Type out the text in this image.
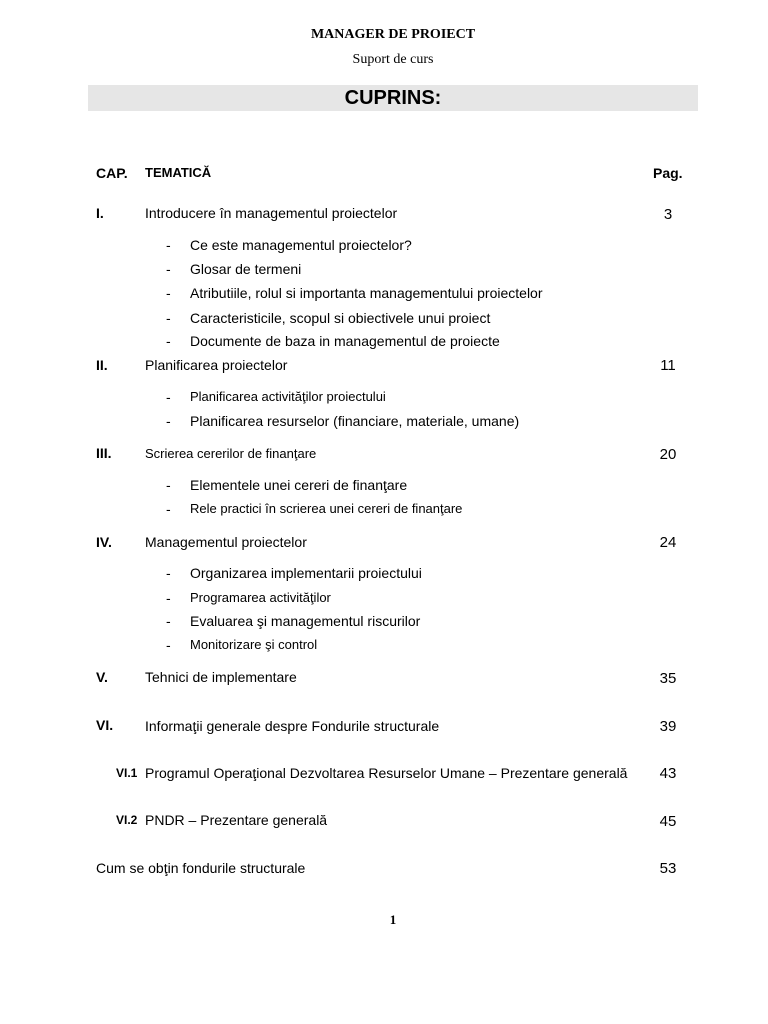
MANAGER DE PROIECT
Suport de curs
CUPRINS:
CAP. TEMATICĂ	Pag.
I.	Introducere în managementul proiectelor	3
- Ce este managementul proiectelor?
- Glosar de termeni
- Atributiile, rolul si importanta managementului proiectelor
- Caracteristicile, scopul si obiectivele unui proiect
- Documente de baza in managementul de proiecte
II.	Planificarea proiectelor	11
- Planificarea activităţilor proiectului
- Planificarea resurselor (financiare, materiale, umane)
III.	Scrierea cererilor de finanţare	20
- Elementele unei cereri de finanţare
- Rele practici în scrierea unei cereri de finanţare
IV. Managementul proiectelor	24
- Organizarea implementarii proiectului
- Programarea activităţilor
- Evaluarea şi managementul riscurilor
- Monitorizare şi control
V.	Tehnici de implementare	35
VI. Informaţii generale despre Fondurile structurale	39
VI.1 Programul Operaţional Dezvoltarea Resurselor Umane – Prezentare generală	43
VI.2 PNDR – Prezentare generală	45
Cum se obţin fondurile structurale	53
1
